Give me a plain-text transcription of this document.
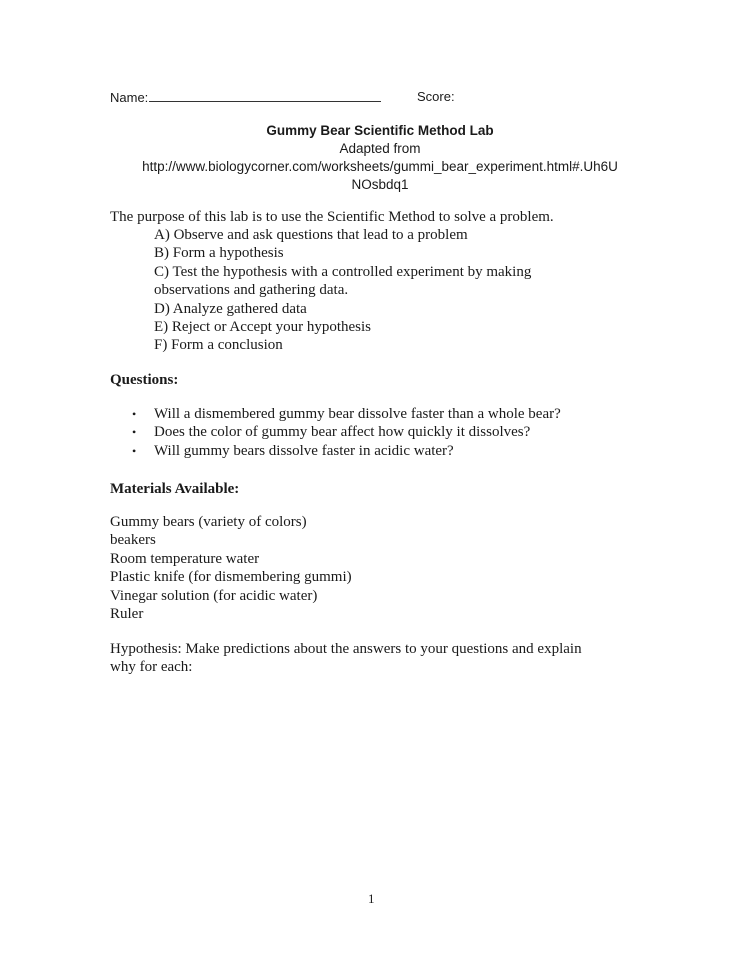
Name:	Score:
Gummy Bear Scientific Method Lab
Adapted from
http://www.biologycorner.com/worksheets/gummi_bear_experiment.html#.Uh6U
NOsbdq1
The purpose of this lab is to use the Scientific Method to solve a problem.
A) Observe and ask questions that lead to a problem
B) Form a hypothesis
C) Test the hypothesis with a controlled experiment by making
observations and gathering data.
D) Analyze gathered data
E) Reject or Accept your hypothesis
F) Form a conclusion
Questions:
• Will a dismembered gummy bear dissolve faster than a whole bear?
• Does the color of gummy bear affect how quickly it dissolves?
• Will gummy bears dissolve faster in acidic water?
Materials Available:
Gummy bears (variety of colors)
beakers
Room temperature water
Plastic knife (for dismembering gummi)
Vinegar solution (for acidic water)
Ruler
Hypothesis: Make predictions about the answers to your questions and explain
why for each:
1
